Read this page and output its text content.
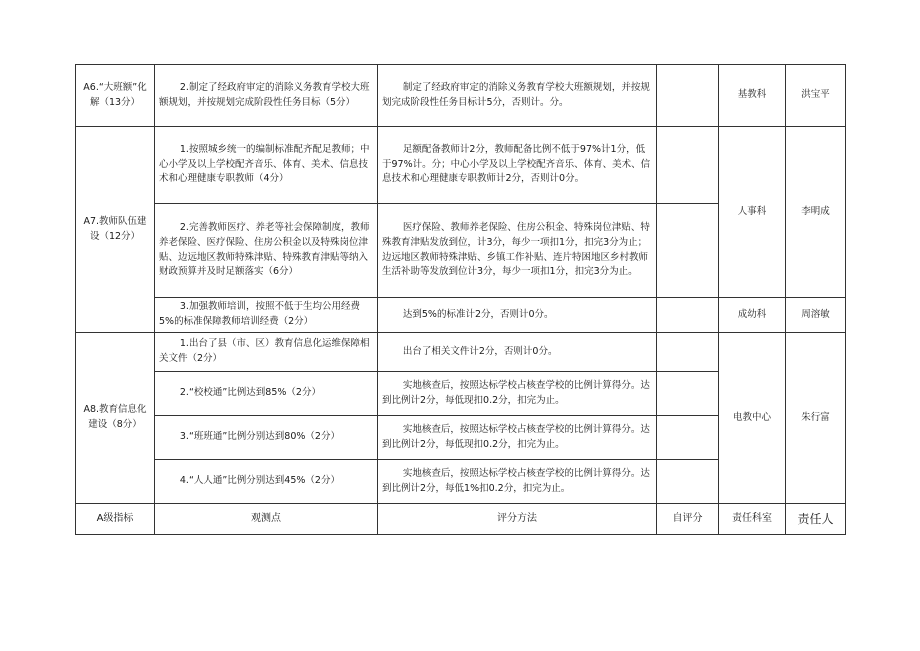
A6.“大班额”化解（13分）	2.制定了经政府审定的消除义务教育学校大班额规划，并按规划完成阶段性任务目标（5分）	制定了经政府审定的消除义务教育学校大班额规划，并按规划完成阶段性任务目标计5分，否则计。分。		基教科	洪宝平
A7.教师队伍建设（12分）	1.按照城乡统一的编制标准配齐配足教师；中心小学及以上学校配齐音乐、体育、美术、信息技术和心理健康专职教师（4分）	足额配备教师计2分，教师配备比例不低于97%计1分，低于97%计。分；中心小学及以上学校配齐音乐、体育、美术、信息技术和心理健康专职教师计2分，否则计0分。		人事科	李明成
	2.完善教师医疗、养老等社会保障制度，教师养老保险、医疗保险、住房公积金以及特殊岗位津贴、边远地区教师特殊津贴、特殊教育津贴等纳入财政预算并及时足额落实（6分）	医疗保险、教师养老保险、住房公积金、特殊岗位津贴、特殊教育津贴发放到位，计3分，每少一项扣1分，扣完3分为止；边远地区教师特殊津贴、乡镇工作补贴、连片特困地区乡村教师生活补助等发放到位计3分，每少一项扣1分，扣完3分为止。			
	3.加强教师培训，按照不低于生均公用经费5%的标准保障教师培训经费（2分）	达到5%的标准计2分，否则计0分。		成幼科	周溶敏
A8.教育信息化建设（8分）	1.出台了县（市、区）教育信息化运维保障相关文件（2分）	出台了相关文件计2分，否则计0分。		电教中心	朱行富
	2.“校校通”比例达到85%（2分）	实地核查后，按照达标学校占核查学校的比例计算得分。达到比例计2分，每低现扣0.2分，扣完为止。			
	3.“班班通”比例分别达到80%（2分）	实地核查后，按照达标学校占核查学校的比例计算得分。达到比例计2分，每低现扣0.2分，扣完为止。			
	4.“人人通”比例分别达到45%（2分）	实地核查后，按照达标学校占核查学校的比例计算得分。达到比例计2分，每低1%扣0.2分，扣完为止。			
A级指标	观测点	评分方法	自评分	责任科室	责任人
